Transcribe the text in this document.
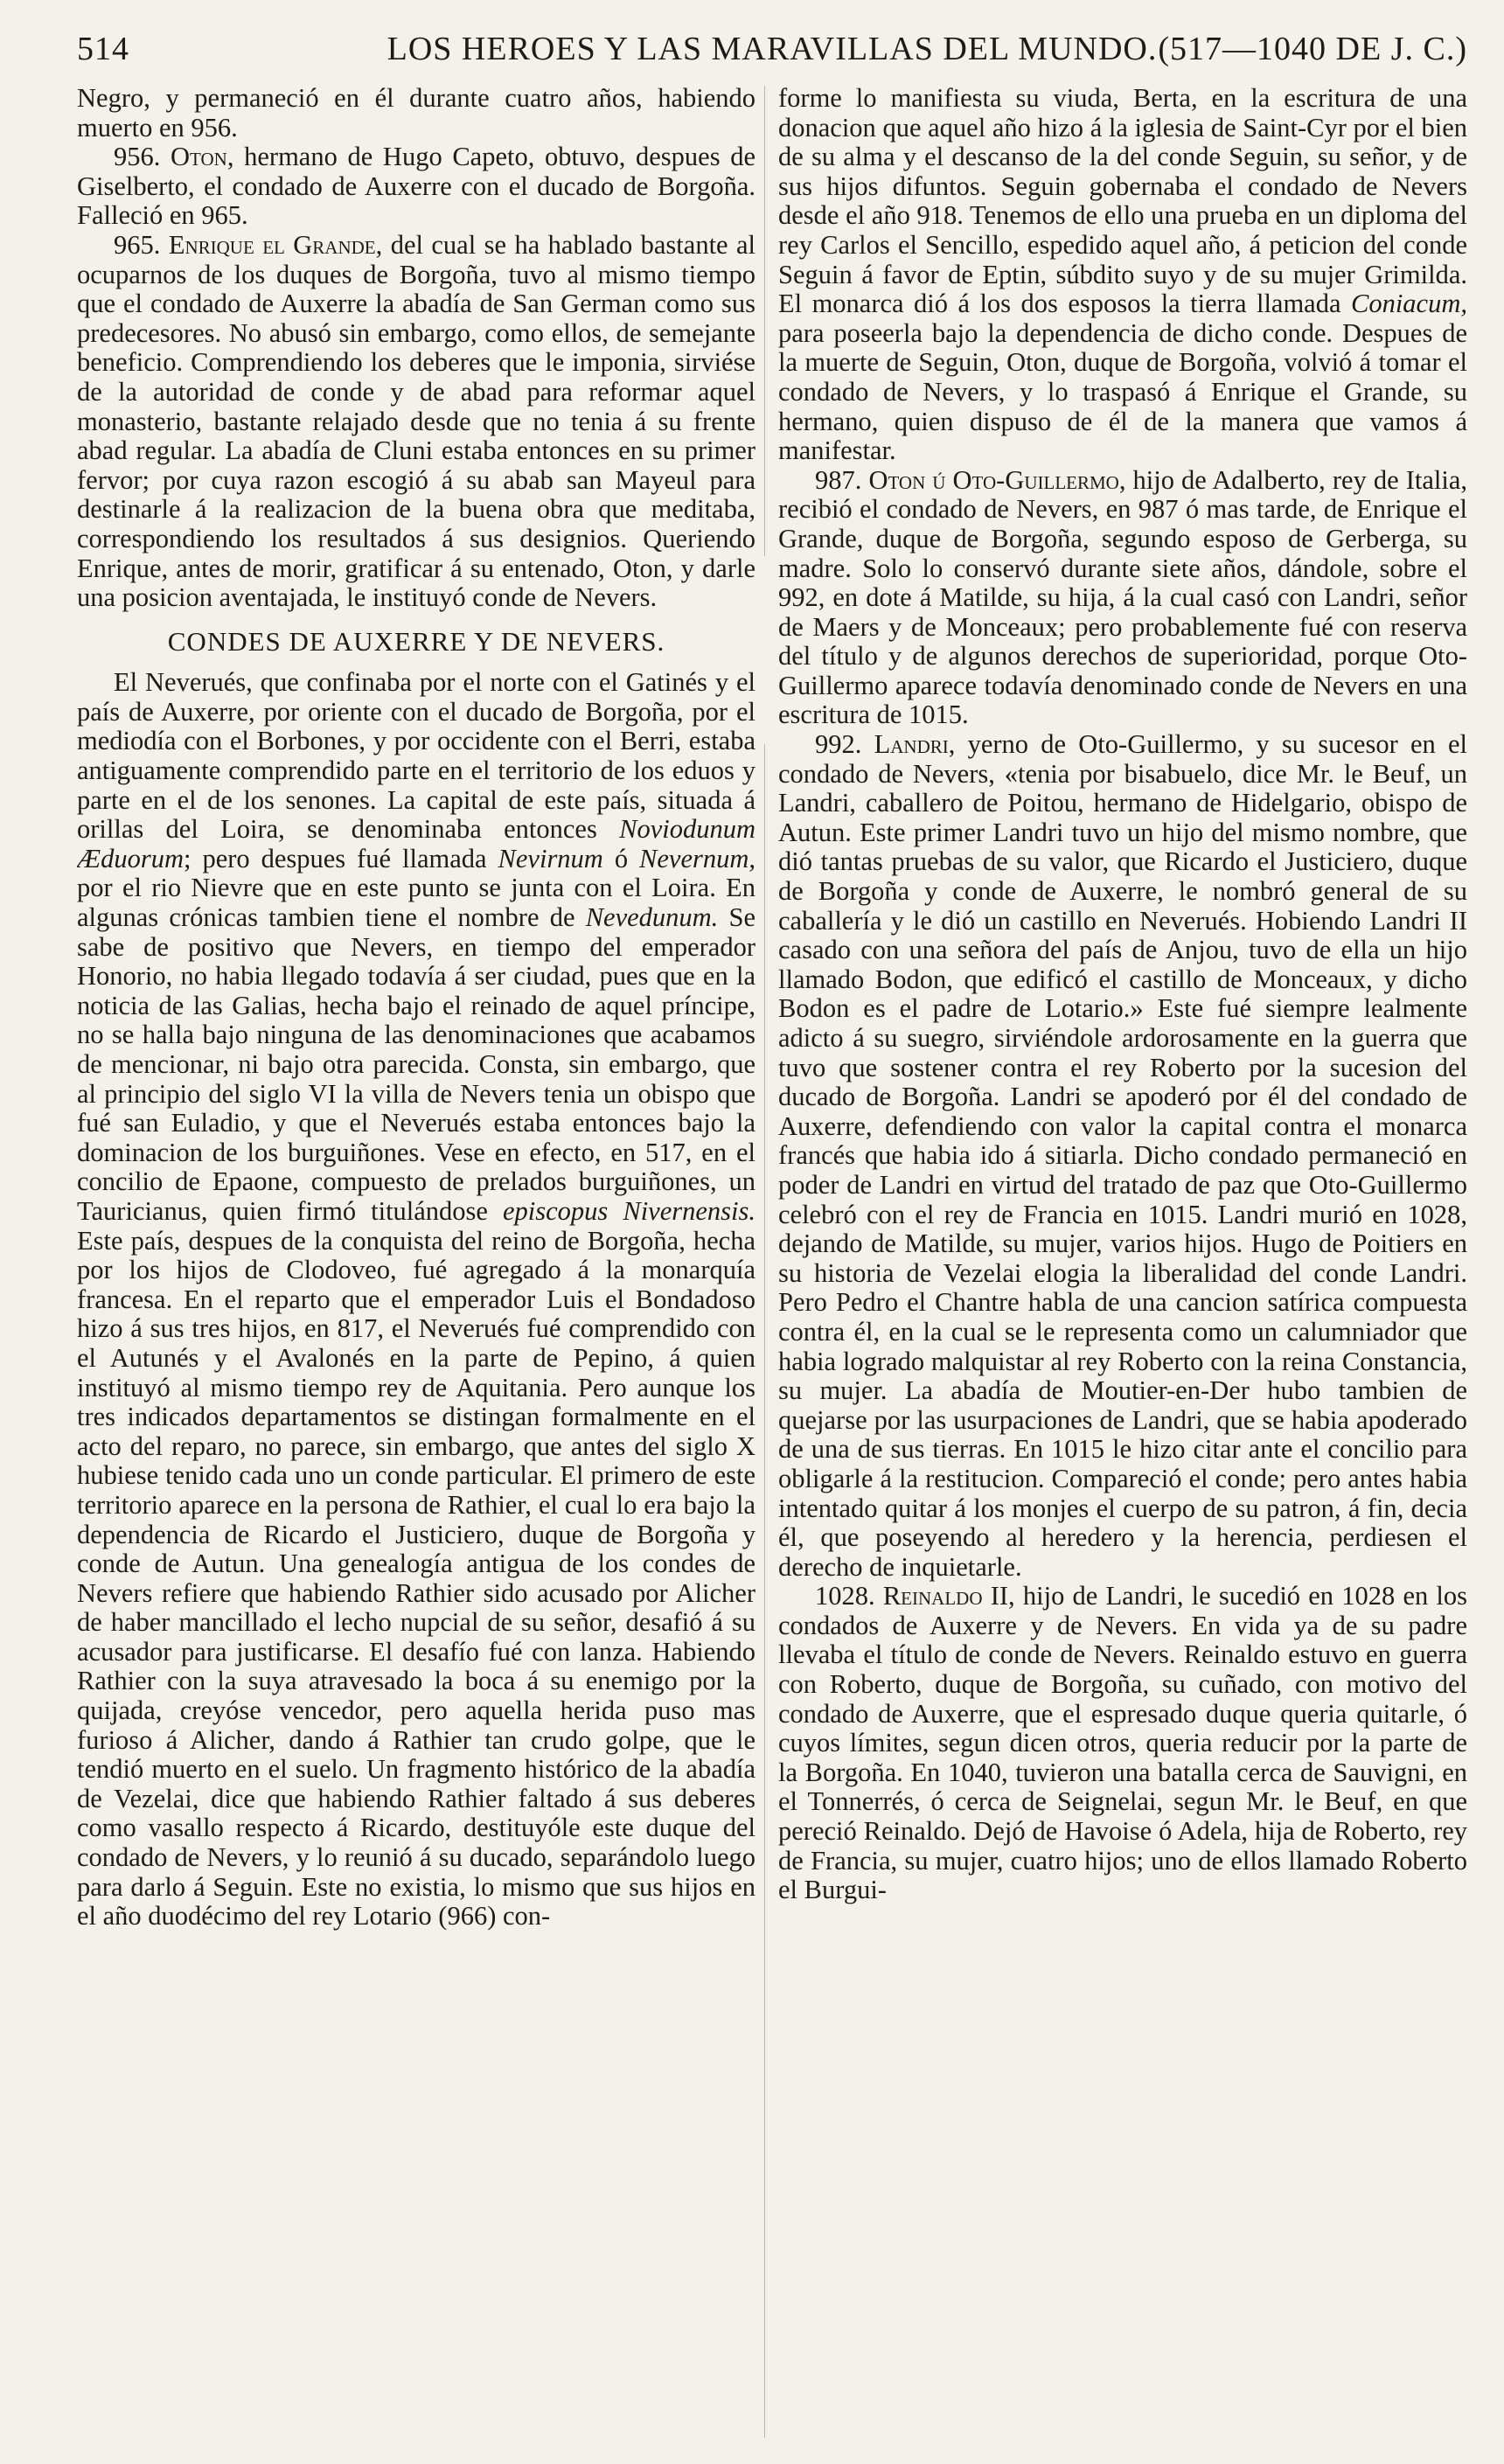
514	LOS HEROES Y LAS MARAVILLAS DEL MUNDO. (517—1040 DE J. C.)

Negro, y permaneció en él durante cuatro años, habiendo muerto en 956.

956. Oton, hermano de Hugo Capeto, obtuvo, despues de Giselberto, el condado de Auxerre con el ducado de Borgoña. Falleció en 965.

965. Enrique el Grande, del cual se ha hablado bastante al ocuparnos de los duques de Borgoña, tuvo al mismo tiempo que el condado de Auxerre la abadía de San German como sus predecesores. No abusó sin embargo, como ellos, de semejante beneficio. Comprendiendo los deberes que le imponia, sirviése de la autoridad de conde y de abad para reformar aquel monasterio, bastante relajado desde que no tenia á su frente abad regular. La abadía de Cluni estaba entonces en su primer fervor; por cuya razon escogió á su abab san Mayeul para destinarle á la realizacion de la buena obra que meditaba, correspondiendo los resultados á sus designios. Queriendo Enrique, antes de morir, gratificar á su entenado, Oton, y darle una posicion aventajada, le instituyó conde de Nevers.

CONDES DE AUXERRE Y DE NEVERS.

El Neverués, que confinaba por el norte con el Gatinés y el país de Auxerre, por oriente con el ducado de Borgoña, por el mediodía con el Borbones, y por occidente con el Berri, estaba antiguamente comprendido parte en el territorio de los eduos y parte en el de los senones. La capital de este país, situada á orillas del Loira, se denominaba entonces Noviodunum Æduorum; pero despues fué llamada Nevirnum ó Nevernum, por el rio Nievre que en este punto se junta con el Loira. En algunas crónicas tambien tiene el nombre de Nevedunum. Se sabe de positivo que Nevers, en tiempo del emperador Honorio, no habia llegado todavía á ser ciudad, pues que en la noticia de las Galias, hecha bajo el reinado de aquel príncipe, no se halla bajo ninguna de las denominaciones que acabamos de mencionar, ni bajo otra parecida. Consta, sin embargo, que al principio del siglo VI la villa de Nevers tenia un obispo que fué san Euladio, y que el Neverués estaba entonces bajo la dominacion de los burguiñones. Vese en efecto, en 517, en el concilio de Epaone, compuesto de prelados burguiñones, un Tauricianus, quien firmó titulándose episcopus Nivernensis. Este país, despues de la conquista del reino de Borgoña, hecha por los hijos de Clodoveo, fué agregado á la monarquía francesa. En el reparto que el emperador Luis el Bondadoso hizo á sus tres hijos, en 817, el Neverués fué comprendido con el Autunés y el Avalonés en la parte de Pepino, á quien instituyó al mismo tiempo rey de Aquitania. Pero aunque los tres indicados departamentos se distingan formalmente en el acto del reparo, no parece, sin embargo, que antes del siglo X hubiese tenido cada uno un conde particular. El primero de este territorio aparece en la persona de Rathier, el cual lo era bajo la dependencia de Ricardo el Justiciero, duque de Borgoña y conde de Autun. Una genealogía antigua de los condes de Nevers refiere que habiendo Rathier sido acusado por Alicher de haber mancillado el lecho nupcial de su señor, desafió á su acusador para justificarse. El desafío fué con lanza. Habiendo Rathier con la suya atravesado la boca á su enemigo por la quijada, creyóse vencedor, pero aquella herida puso mas furioso á Alicher, dando á Rathier tan crudo golpe, que le tendió muerto en el suelo. Un fragmento histórico de la abadía de Vezelai, dice que habiendo Rathier faltado á sus deberes como vasallo respecto á Ricardo, destituyóle este duque del condado de Nevers, y lo reunió á su ducado, separándolo luego para darlo á Seguin. Este no existia, lo mismo que sus hijos en el año duodécimo del rey Lotario (966) con-

forme lo manifiesta su viuda, Berta, en la escritura de una donacion que aquel año hizo á la iglesia de Saint-Cyr por el bien de su alma y el descanso de la del conde Seguin, su señor, y de sus hijos difuntos. Seguin gobernaba el condado de Nevers desde el año 918. Tenemos de ello una prueba en un diploma del rey Carlos el Sencillo, espedido aquel año, á peticion del conde Seguin á favor de Eptin, súbdito suyo y de su mujer Grimilda. El monarca dió á los dos esposos la tierra llamada Coniacum, para poseerla bajo la dependencia de dicho conde. Despues de la muerte de Seguin, Oton, duque de Borgoña, volvió á tomar el condado de Nevers, y lo traspasó á Enrique el Grande, su hermano, quien dispuso de él de la manera que vamos á manifestar.

987. Oton ú Oto-Guillermo, hijo de Adalberto, rey de Italia, recibió el condado de Nevers, en 987 ó mas tarde, de Enrique el Grande, duque de Borgoña, segundo esposo de Gerberga, su madre. Solo lo conservó durante siete años, dándole, sobre el 992, en dote á Matilde, su hija, á la cual casó con Landri, señor de Maers y de Monceaux; pero probablemente fué con reserva del título y de algunos derechos de superioridad, porque Oto-Guillermo aparece todavía denominado conde de Nevers en una escritura de 1015.

992. Landri, yerno de Oto-Guillermo, y su sucesor en el condado de Nevers, «tenia por bisabuelo, dice Mr. le Beuf, un Landri, caballero de Poitou, hermano de Hidelgario, obispo de Autun. Este primer Landri tuvo un hijo del mismo nombre, que dió tantas pruebas de su valor, que Ricardo el Justiciero, duque de Borgoña y conde de Auxerre, le nombró general de su caballería y le dió un castillo en Neverués. Hobiendo Landri II casado con una señora del país de Anjou, tuvo de ella un hijo llamado Bodon, que edificó el castillo de Monceaux, y dicho Bodon es el padre de Lotario.» Este fué siempre lealmente adicto á su suegro, sirviéndole ardorosamente en la guerra que tuvo que sostener contra el rey Roberto por la sucesion del ducado de Borgoña. Landri se apoderó por él del condado de Auxerre, defendiendo con valor la capital contra el monarca francés que habia ido á sitiarla. Dicho condado permaneció en poder de Landri en virtud del tratado de paz que Oto-Guillermo celebró con el rey de Francia en 1015. Landri murió en 1028, dejando de Matilde, su mujer, varios hijos. Hugo de Poitiers en su historia de Vezelai elogia la liberalidad del conde Landri. Pero Pedro el Chantre habla de una cancion satírica compuesta contra él, en la cual se le representa como un calumniador que habia logrado malquistar al rey Roberto con la reina Constancia, su mujer. La abadía de Moutier-en-Der hubo tambien de quejarse por las usurpaciones de Landri, que se habia apoderado de una de sus tierras. En 1015 le hizo citar ante el concilio para obligarle á la restitucion. Compareció el conde; pero antes habia intentado quitar á los monjes el cuerpo de su patron, á fin, decia él, que poseyendo al heredero y la herencia, perdiesen el derecho de inquietarle.

1028. Reinaldo II, hijo de Landri, le sucedió en 1028 en los condados de Auxerre y de Nevers. En vida ya de su padre llevaba el título de conde de Nevers. Reinaldo estuvo en guerra con Roberto, duque de Borgoña, su cuñado, con motivo del condado de Auxerre, que el espresado duque queria quitarle, ó cuyos límites, segun dicen otros, queria reducir por la parte de la Borgoña. En 1040, tuvieron una batalla cerca de Sauvigni, en el Tonnerrés, ó cerca de Seignelai, segun Mr. le Beuf, en que pereció Reinaldo. Dejó de Havoise ó Adela, hija de Roberto, rey de Francia, su mujer, cuatro hijos; uno de ellos llamado Roberto el Burgui-
